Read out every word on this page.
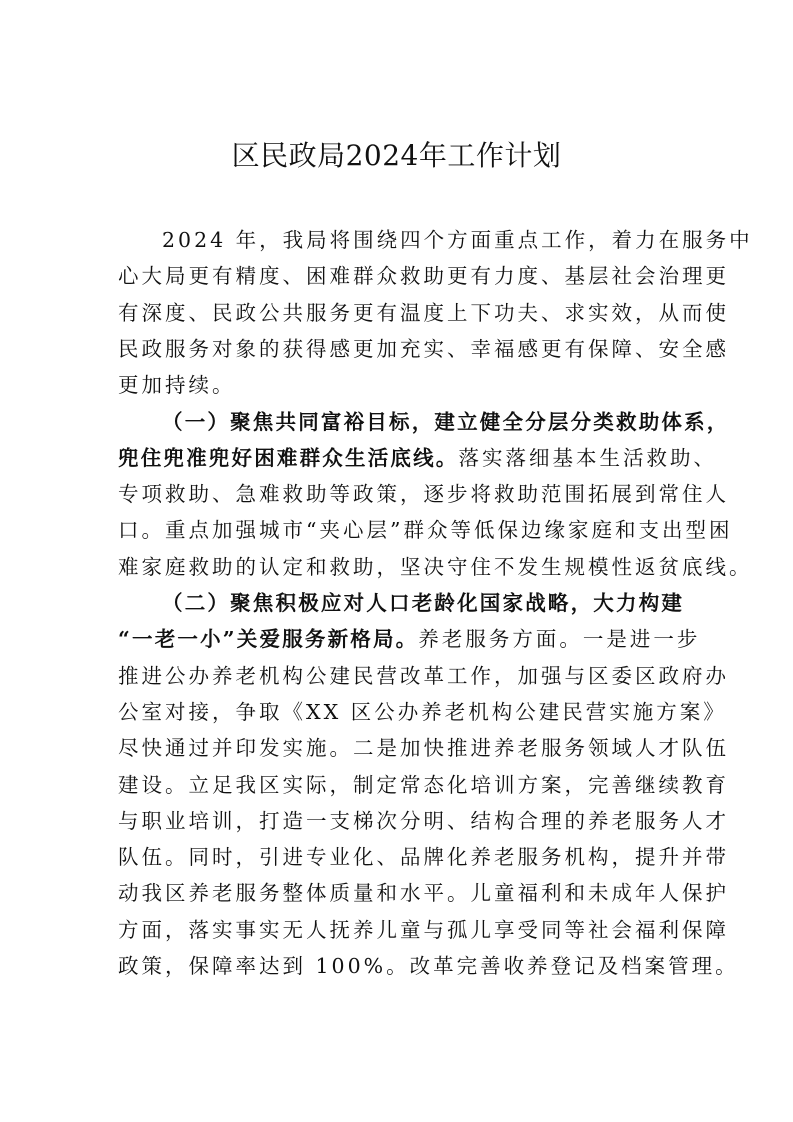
区民政局2024年工作计划
2024 年，我局将围绕四个方面重点工作，着力在服务中
心大局更有精度、困难群众救助更有力度、基层社会治理更
有深度、民政公共服务更有温度上下功夫、求实效，从而使
民政服务对象的获得感更加充实、幸福感更有保障、安全感
更加持续。
（一）聚焦共同富裕目标，建立健全分层分类救助体系，
兜住兜准兜好困难群众生活底线。落实落细基本生活救助、
专项救助、急难救助等政策，逐步将救助范围拓展到常住人
口。重点加强城市“夹心层”群众等低保边缘家庭和支出型困
难家庭救助的认定和救助，坚决守住不发生规模性返贫底线。
（二）聚焦积极应对人口老龄化国家战略，大力构建
“一老一小”关爱服务新格局。养老服务方面。一是进一步
推进公办养老机构公建民营改革工作，加强与区委区政府办
公室对接，争取《XX 区公办养老机构公建民营实施方案》
尽快通过并印发实施。二是加快推进养老服务领域人才队伍
建设。立足我区实际，制定常态化培训方案，完善继续教育
与职业培训，打造一支梯次分明、结构合理的养老服务人才
队伍。同时，引进专业化、品牌化养老服务机构，提升并带
动我区养老服务整体质量和水平。儿童福利和未成年人保护
方面，落实事实无人抚养儿童与孤儿享受同等社会福利保障
政策，保障率达到 100%。改革完善收养登记及档案管理。
